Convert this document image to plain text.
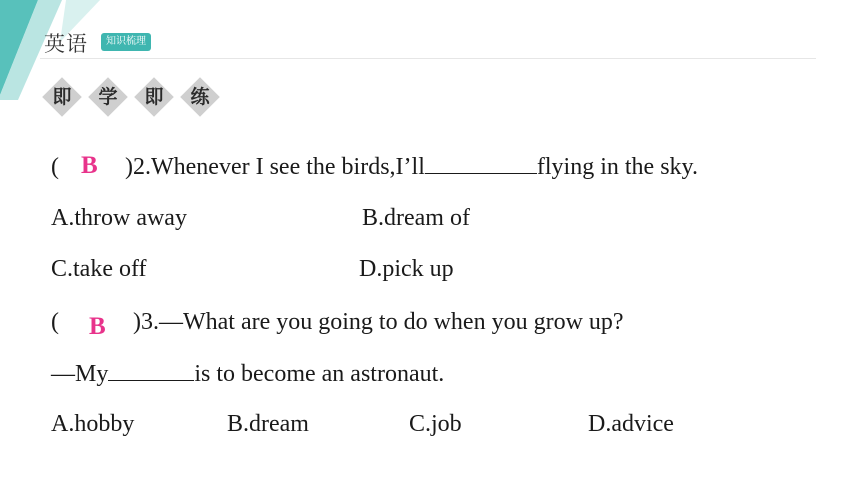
英语	知识梳理
即	学	即	练
(	)2.Whenever I see the birds,I’ll	flying in the sky.
B
A.throw away	B.dream of
C.take off	D.pick up
(	)3.—What are you going to do when you grow up?
B
—My	is to become an astronaut.
A.hobby	B.dream	C.job	D.advice
